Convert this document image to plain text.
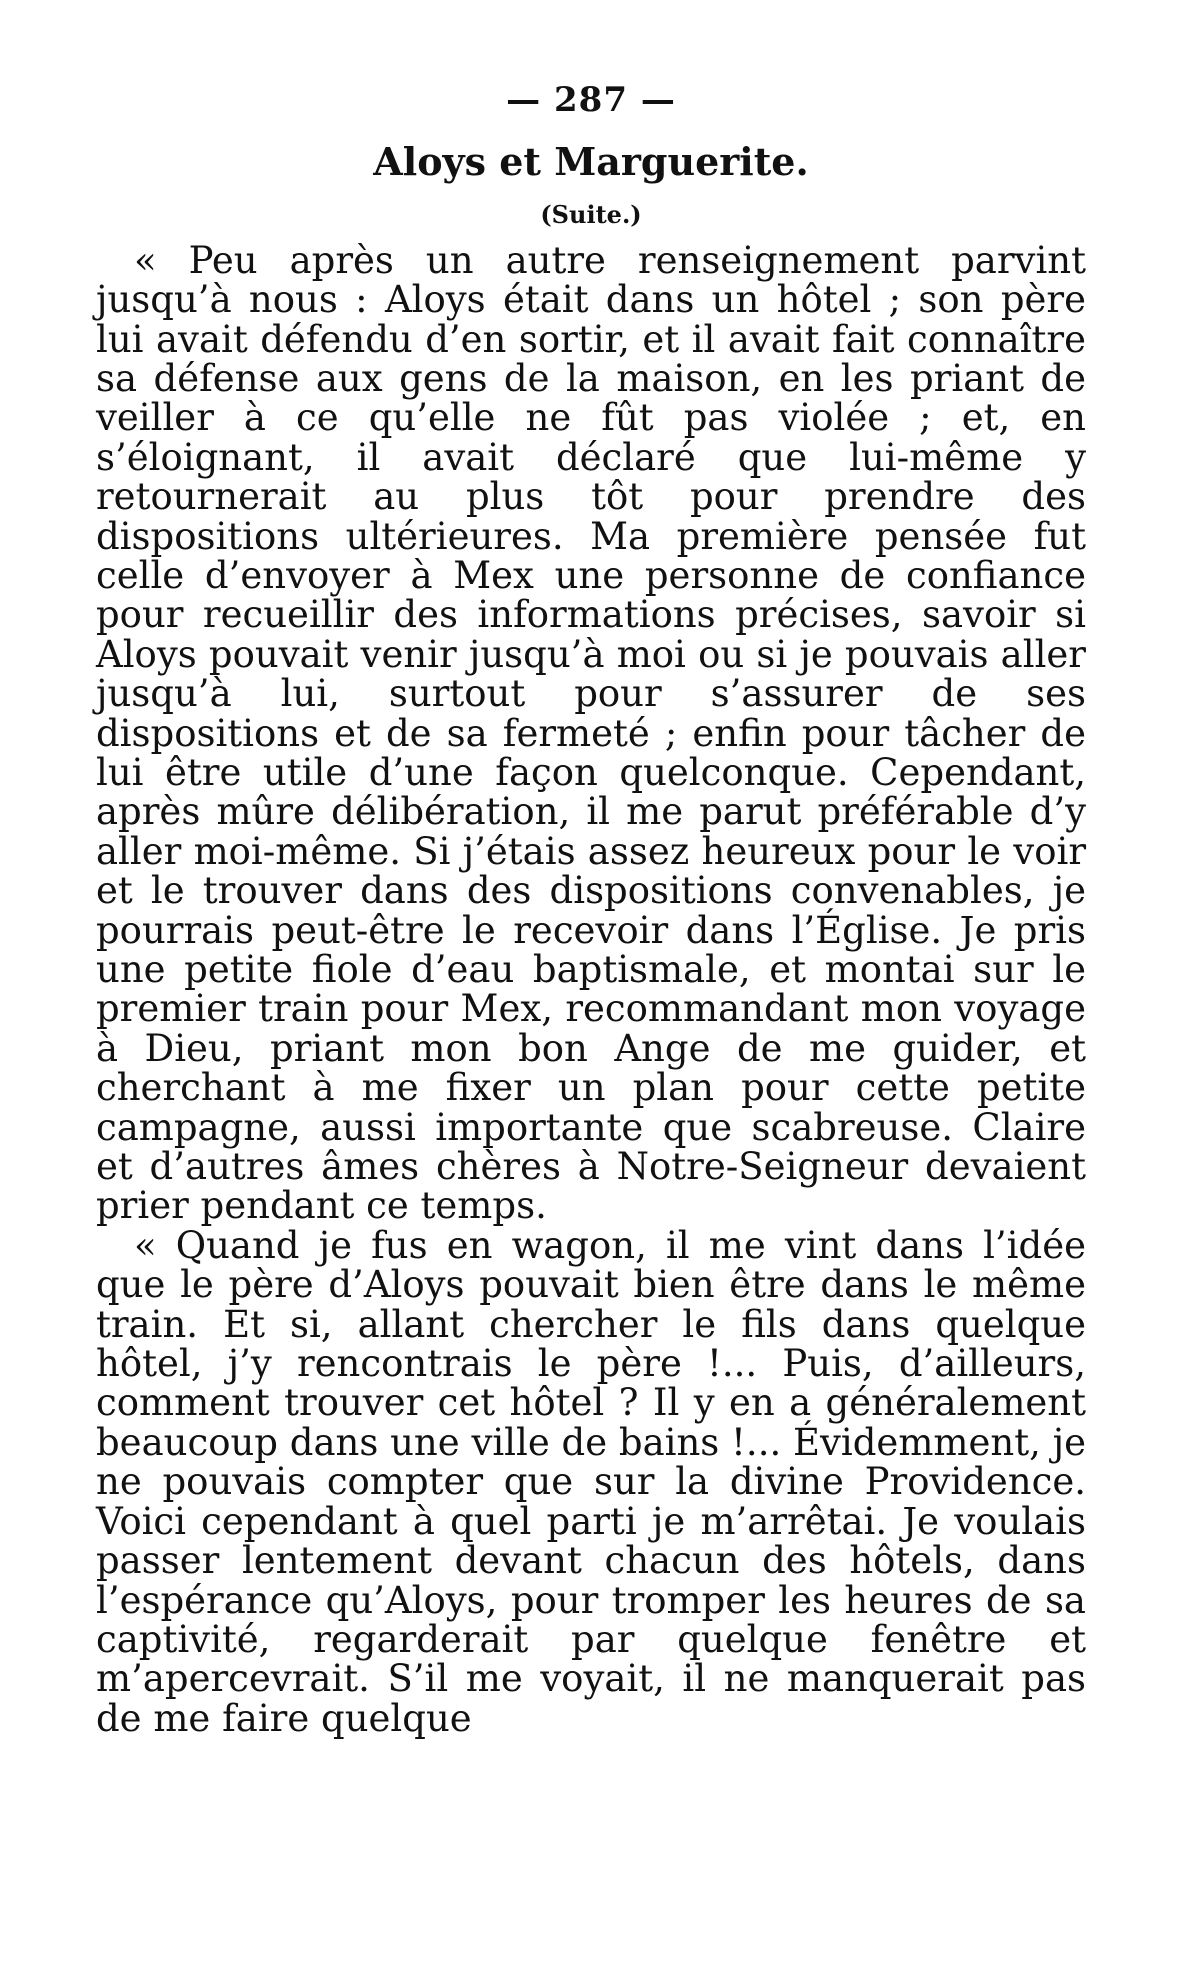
— 287 —
Aloys et Marguerite.
(Suite.)

« Peu après un autre renseignement parvint jusqu’à nous : Aloys était dans un hôtel ; son père lui avait défendu d’en sortir, et il avait fait connaître sa défense aux gens de la maison, en les priant de veiller à ce qu’elle ne fût pas violée ; et, en s’éloignant, il avait déclaré que lui-même y retournerait au plus tôt pour prendre des dispositions ultérieures. Ma première pensée fut celle d’envoyer à Mex une personne de confiance pour recueillir des informations précises, savoir si Aloys pouvait venir jusqu’à moi ou si je pouvais aller jusqu’à lui, surtout pour s’assurer de ses dispositions et de sa fermeté ; enfin pour tâcher de lui être utile d’une façon quelconque. Cependant, après mûre délibération, il me parut préférable d’y aller moi-même. Si j’étais assez heureux pour le voir et le trouver dans des dispositions convenables, je pourrais peut-être le recevoir dans l’Église. Je pris une petite fiole d’eau baptismale, et montai sur le premier train pour Mex, recommandant mon voyage à Dieu, priant mon bon Ange de me guider, et cherchant à me fixer un plan pour cette petite campagne, aussi importante que scabreuse. Claire et d’autres âmes chères à Notre-Seigneur devaient prier pendant ce temps.

« Quand je fus en wagon, il me vint dans l’idée que le père d’Aloys pouvait bien être dans le même train. Et si, allant chercher le fils dans quelque hôtel, j’y rencontrais le père !... Puis, d’ailleurs, comment trouver cet hôtel ? Il y en a généralement beaucoup dans une ville de bains !... Évidemment, je ne pouvais compter que sur la divine Providence. Voici cependant à quel parti je m’arrêtai. Je voulais passer lentement devant chacun des hôtels, dans l’espérance qu’Aloys, pour tromper les heures de sa captivité, regarderait par quelque fenêtre et m’apercevrait. S’il me voyait, il ne manquerait pas de me faire quelque
